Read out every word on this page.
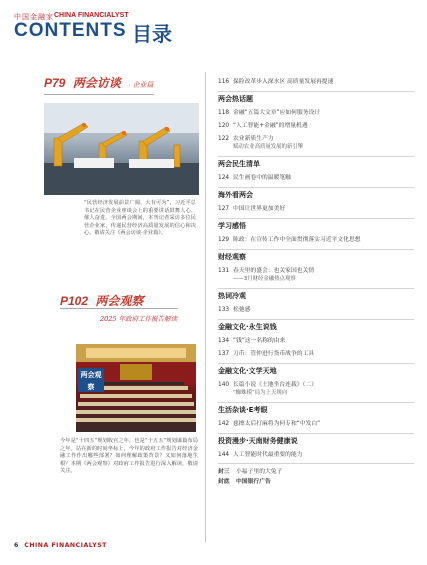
中国金融家 CHINA FINANCIALYST
CONTENTS 目录
P79 两会访谈 · 企业篇
“民营经济发展前景广阔、大有可为”，习近平总书记在民营企业座谈会上的重要讲话鼓舞人心、催人奋进。全国两会期间，本刊记者采访多位民营企业家，传递民营经济高质量发展的信心和决心。敬请关注《两会访谈·企业篇》。
P102 两会观察
2025 年政府工作报告解读
两会观察
今年是“十四五”规划收官之年，也是“十五五”规划谋篇布局之年。站在新的时间坐标上，今年的政府工作报告对经济金融工作作出哪些部署？如何理解政策背景？又如何落地生根？本期《两会观察》对政府工作报告进行深入解读，敬请关注。
116 保险改革步入深水区 高质量发展再提速
两会热话题
118 金融“五篇大文章”应如何服务设计
120 “人工智能+金融”的增量机遇
122 农业新质生产力
赋动农业高质量发展的新引擎
两会民生清单
124 民生画卷中的温暖笔触
海外看两会
127 中国让世界更加美好
学习感悟
129 陈政：在宣传工作中全面贯彻落实习近平文化思想
财经观察
131 春天里的盛会：也关家国也关情
——3月财经金融热点观察
热词冷观
133 松弛感
金融文化·永生说钱
134 “钱”这一名称的由来
137 刀币：管仲进行货币战争的工具
金融文化·文学天地
140 长篇小说《土地坐台连载》（二）
“蜘蛛模”局为上天规向
生活杂谈·E考眼
142 慈擦太后打麻将为何专和“中发白”
投资漫步·天南财务健康说
144 人工智能时代最重要的能力
封三 小福子里的大兔子
封底 中国银行广告
6 CHINA FINANCIALYST
